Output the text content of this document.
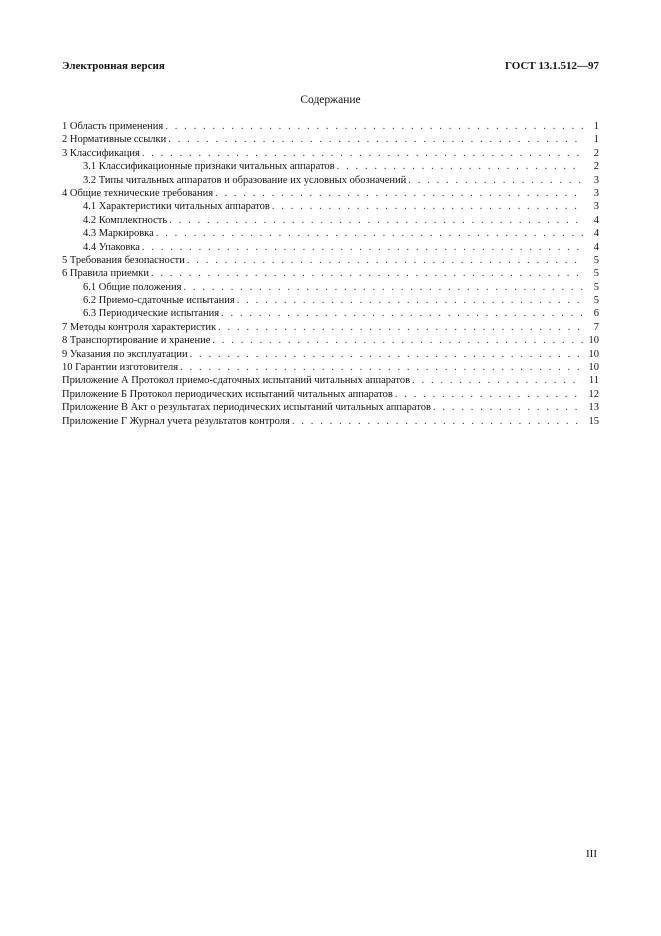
Электронная версия	ГОСТ 13.1.512—97
Содержание
1 Область применения . . .	1
2 Нормативные ссылки . . .	1
3 Классификация . . .	2
3.1 Классификационные признаки читальных аппаратов . . .	2
3.2 Типы читальных аппаратов и образование их условных обозначений . . .	3
4 Общие технические требования . . .	3
4.1 Характеристики читальных аппаратов . . .	3
4.2 Комплектность . . .	4
4.3 Маркировка . . .	4
4.4 Упаковка . . .	4
5 Требования безопасности . . .	5
6 Правила приемки . . .	5
6.1 Общие положения . . .	5
6.2 Приемо-сдаточные испытания . . .	5
6.3 Периодические испытания . . .	6
7 Методы контроля характеристик . . .	7
8 Транспортирование и хранение . . .	10
9 Указания по эксплуатации . . .	10
10 Гарантии изготовителя . . .	10
Приложение А Протокол приемо-сдаточных испытаний читальных аппаратов . . .	11
Приложение Б Протокол периодических испытаний читальных аппаратов . . .	12
Приложение В Акт о результатах периодических испытаний читальных аппаратов . . .	13
Приложение Г Журнал учета результатов контроля . . .	15
III
